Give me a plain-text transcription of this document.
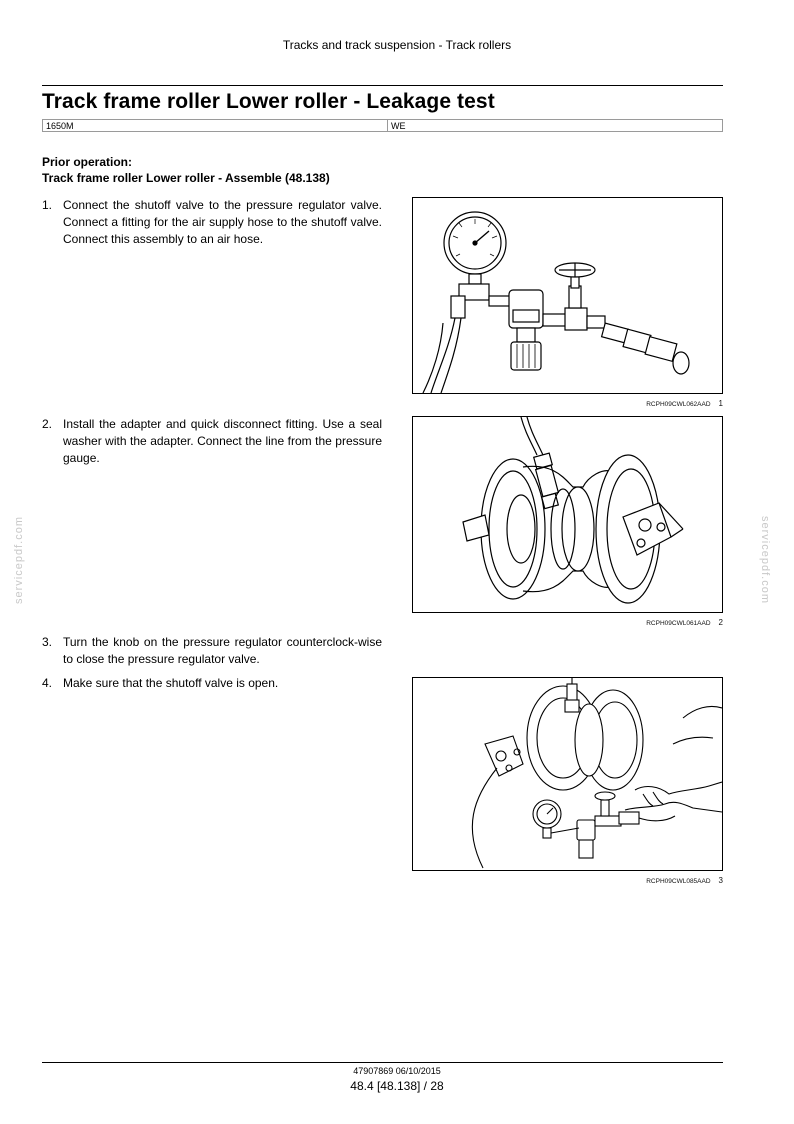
Tracks and track suspension - Track rollers
Track frame roller Lower roller - Leakage test
1650M	WE
Prior operation:
Track frame roller Lower roller - Assemble (48.138)
1. Connect the shutoff valve to the pressure regulator valve. Connect a fitting for the air supply hose to the shutoff valve. Connect this assembly to an air hose.
2. Install the adapter and quick disconnect fitting. Use a seal washer with the adapter. Connect the line from the pressure gauge.
3. Turn the knob on the pressure regulator counterclock-wise to close the pressure regulator valve.
4. Make sure that the shutoff valve is open.
RCPH09CWL062AAD 1
RCPH09CWL061AAD 2
RCPH09CWL085AAD 3
servicepdf.com	servicepdf.com
47907869 06/10/2015
48.4 [48.138] / 28
